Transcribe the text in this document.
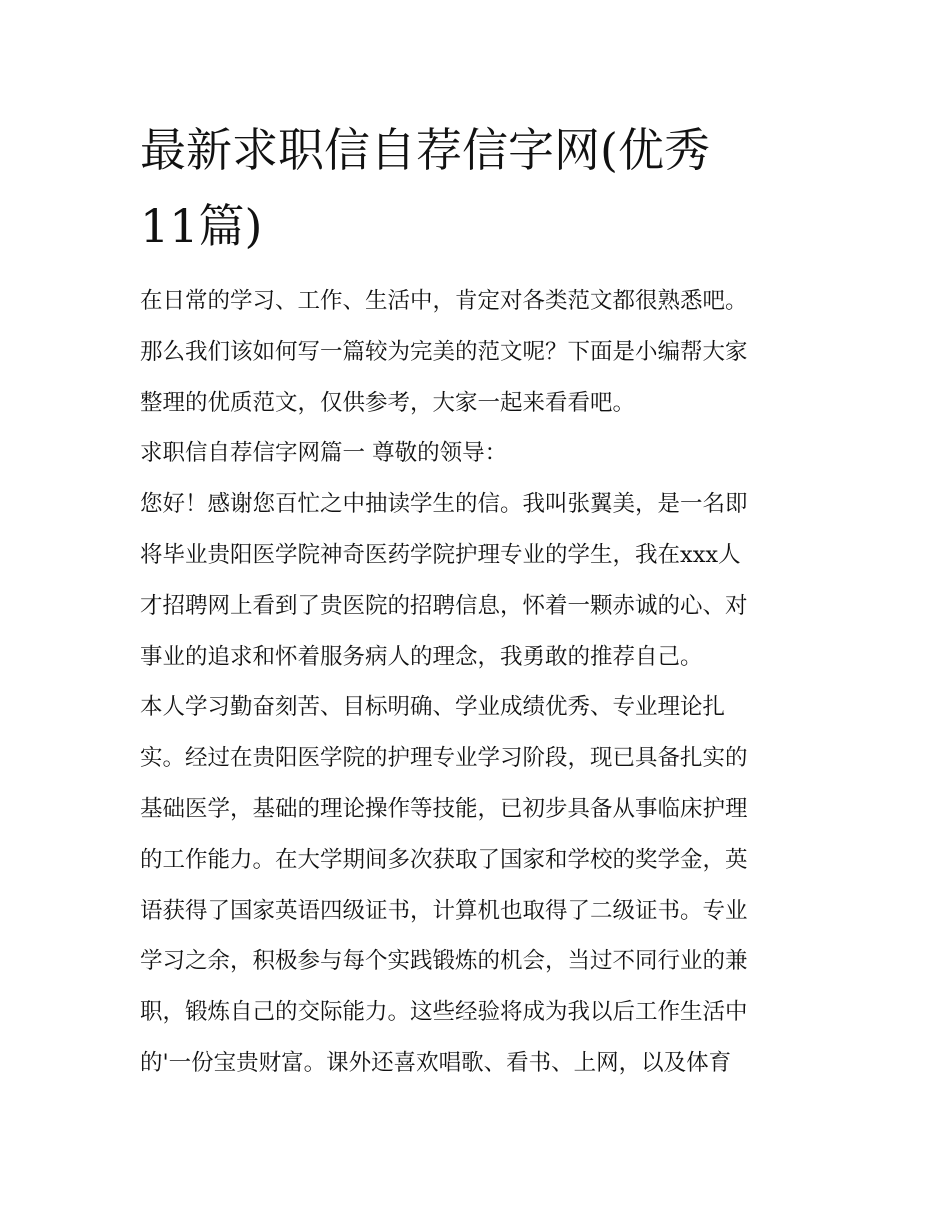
最新求职信自荐信字网(优秀
11篇)

在日常的学习、工作、生活中，肯定对各类范文都很熟悉吧。
那么我们该如何写一篇较为完美的范文呢？下面是小编帮大家
整理的优质范文，仅供参考，大家一起来看看吧。

求职信自荐信字网篇一 尊敬的领导：

您好！感谢您百忙之中抽读学生的信。我叫张翼美，是一名即
将毕业贵阳医学院神奇医药学院护理专业的学生，我在xxx人
才招聘网上看到了贵医院的招聘信息，怀着一颗赤诚的心、对
事业的追求和怀着服务病人的理念，我勇敢的推荐自己。

本人学习勤奋刻苦、目标明确、学业成绩优秀、专业理论扎
实。经过在贵阳医学院的护理专业学习阶段，现已具备扎实的
基础医学，基础的理论操作等技能，已初步具备从事临床护理
的工作能力。在大学期间多次获取了国家和学校的奖学金，英
语获得了国家英语四级证书，计算机也取得了二级证书。专业
学习之余，积极参与每个实践锻炼的机会，当过不同行业的兼
职，锻炼自己的交际能力。这些经验将成为我以后工作生活中
的'一份宝贵财富。课外还喜欢唱歌、看书、上网，以及体育
